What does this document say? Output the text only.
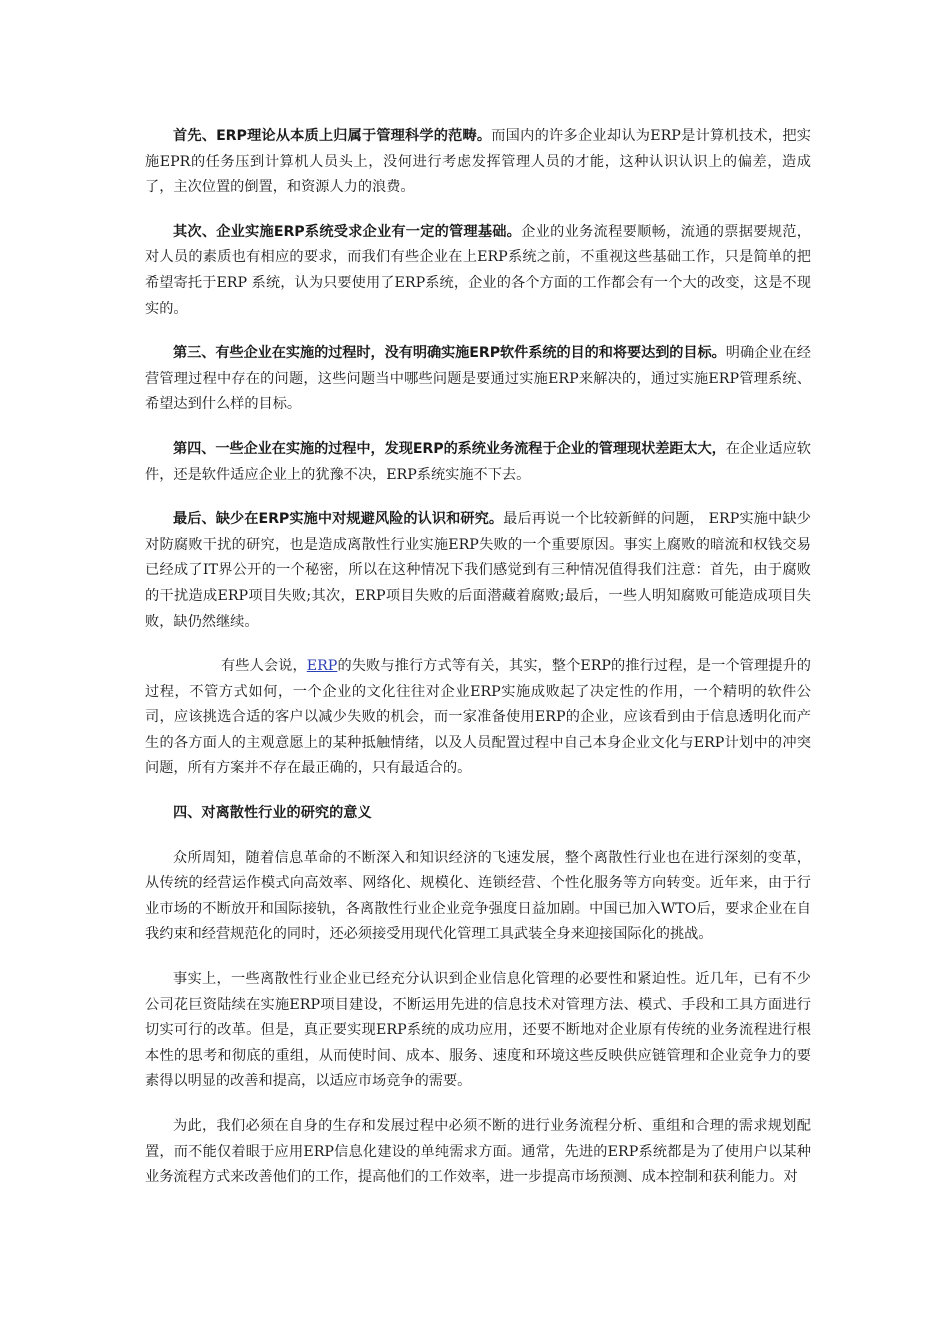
首先、ERP理论从本质上归属于管理科学的范畴。而国内的许多企业却认为ERP是计算机技术，把实施EPR的任务压到计算机人员头上，没何进行考虑发挥管理人员的才能，这种认识认识上的偏差，造成了，主次位置的倒置，和资源人力的浪费。

其次、企业实施ERP系统受求企业有一定的管理基础。企业的业务流程要顺畅，流通的票据要规范，对人员的素质也有相应的要求，而我们有些企业在上ERP系统之前，不重视这些基础工作，只是简单的把希望寄托于ERP 系统，认为只要使用了ERP系统，企业的各个方面的工作都会有一个大的改变，这是不现实的。

第三、有些企业在实施的过程时，没有明确实施ERP软件系统的目的和将要达到的目标。明确企业在经营管理过程中存在的问题，这些问题当中哪些问题是要通过实施ERP来解决的，通过实施ERP管理系统、希望达到什么样的目标。

第四、一些企业在实施的过程中，发现ERP的系统业务流程于企业的管理现状差距太大，在企业适应软件，还是软件适应企业上的犹豫不决，ERP系统实施不下去。

最后、缺少在ERP实施中对规避风险的认识和研究。最后再说一个比较新鲜的问题， ERP实施中缺少对防腐败干扰的研究，也是造成离散性行业实施ERP失败的一个重要原因。事实上腐败的暗流和权钱交易已经成了IT界公开的一个秘密，所以在这种情况下我们感觉到有三种情况值得我们注意：首先，由于腐败的干扰造成ERP项目失败;其次，ERP项目失败的后面潜藏着腐败;最后，一些人明知腐败可能造成项目失败，缺仍然继续。

有些人会说，ERP的失败与推行方式等有关，其实，整个ERP的推行过程，是一个管理提升的过程，不管方式如何，一个企业的文化往往对企业ERP实施成败起了决定性的作用，一个精明的软件公司，应该挑选合适的客户以减少失败的机会，而一家准备使用ERP的企业，应该看到由于信息透明化而产生的各方面人的主观意愿上的某种抵触情绪，以及人员配置过程中自己本身企业文化与ERP计划中的冲突问题，所有方案并不存在最正确的，只有最适合的。

四、对离散性行业的研究的意义

众所周知，随着信息革命的不断深入和知识经济的飞速发展，整个离散性行业也在进行深刻的变革，从传统的经营运作模式向高效率、网络化、规模化、连锁经营、个性化服务等方向转变。近年来，由于行业市场的不断放开和国际接轨，各离散性行业企业竞争强度日益加剧。中国已加入WTO后，要求企业在自我约束和经营规范化的同时，还必须接受用现代化管理工具武装全身来迎接国际化的挑战。

事实上，一些离散性行业企业已经充分认识到企业信息化管理的必要性和紧迫性。近几年，已有不少公司花巨资陆续在实施ERP项目建设，不断运用先进的信息技术对管理方法、模式、手段和工具方面进行切实可行的改革。但是，真正要实现ERP系统的成功应用，还要不断地对企业原有传统的业务流程进行根本性的思考和彻底的重组，从而使时间、成本、服务、速度和环境这些反映供应链管理和企业竞争力的要素得以明显的改善和提高，以适应市场竞争的需要。

为此，我们必须在自身的生存和发展过程中必须不断的进行业务流程分析、重组和合理的需求规划配置，而不能仅着眼于应用ERP信息化建设的单纯需求方面。通常，先进的ERP系统都是为了使用户以某种业务流程方式来改善他们的工作，提高他们的工作效率，进一步提高市场预测、成本控制和获利能力。对
